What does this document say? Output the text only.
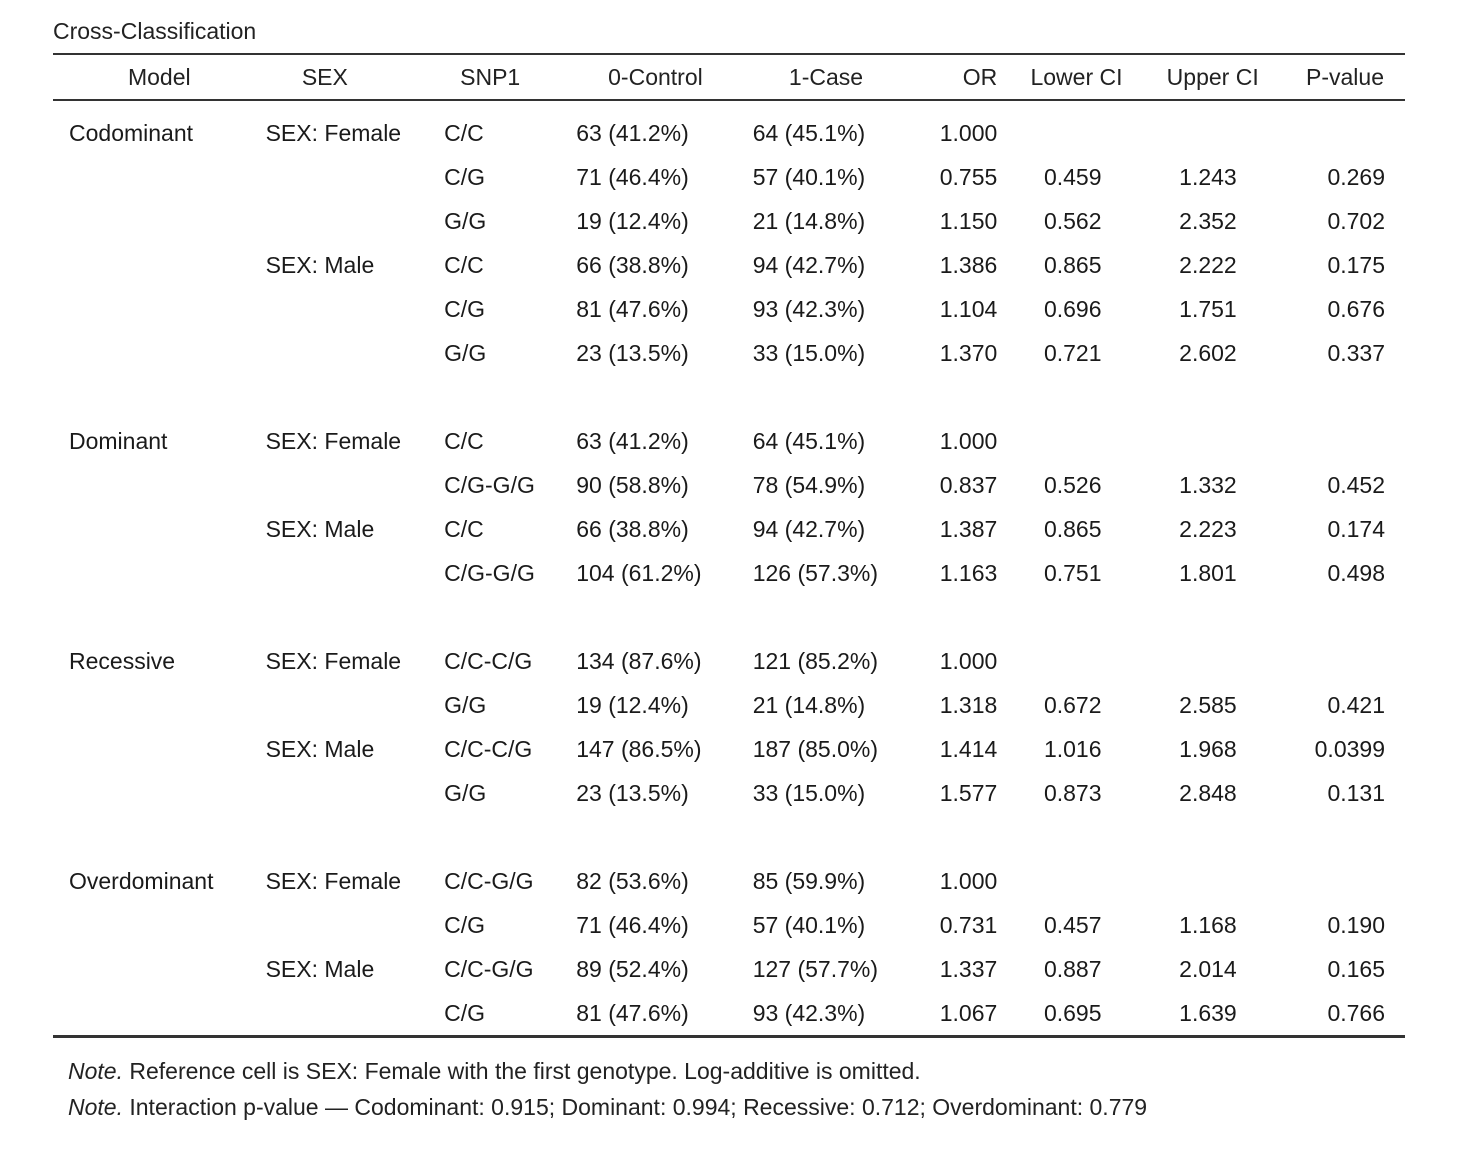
Cross-Classification
Model	SEX	SNP1	0-Control	1-Case	OR	Lower CI	Upper CI	P-value

Codominant	SEX: Female	C/C	63 (41.2%)	64 (45.1%)	1.000			
		C/G	71 (46.4%)	57 (40.1%)	0.755	0.459	1.243	0.269
		G/G	19 (12.4%)	21 (14.8%)	1.150	0.562	2.352	0.702
	SEX: Male	C/C	66 (38.8%)	94 (42.7%)	1.386	0.865	2.222	0.175
		C/G	81 (47.6%)	93 (42.3%)	1.104	0.696	1.751	0.676
		G/G	23 (13.5%)	33 (15.0%)	1.370	0.721	2.602	0.337

Dominant	SEX: Female	C/C	63 (41.2%)	64 (45.1%)	1.000			
		C/G-G/G	90 (58.8%)	78 (54.9%)	0.837	0.526	1.332	0.452
	SEX: Male	C/C	66 (38.8%)	94 (42.7%)	1.387	0.865	2.223	0.174
		C/G-G/G	104 (61.2%)	126 (57.3%)	1.163	0.751	1.801	0.498

Recessive	SEX: Female	C/C-C/G	134 (87.6%)	121 (85.2%)	1.000			
		G/G	19 (12.4%)	21 (14.8%)	1.318	0.672	2.585	0.421
	SEX: Male	C/C-C/G	147 (86.5%)	187 (85.0%)	1.414	1.016	1.968	0.0399
		G/G	23 (13.5%)	33 (15.0%)	1.577	0.873	2.848	0.131

Overdominant	SEX: Female	C/C-G/G	82 (53.6%)	85 (59.9%)	1.000			
		C/G	71 (46.4%)	57 (40.1%)	0.731	0.457	1.168	0.190
	SEX: Male	C/C-G/G	89 (52.4%)	127 (57.7%)	1.337	0.887	2.014	0.165
		C/G	81 (47.6%)	93 (42.3%)	1.067	0.695	1.639	0.766
Note. Reference cell is SEX: Female with the first genotype. Log-additive is omitted.
Note. Interaction p-value — Codominant: 0.915; Dominant: 0.994; Recessive: 0.712; Overdominant: 0.779
